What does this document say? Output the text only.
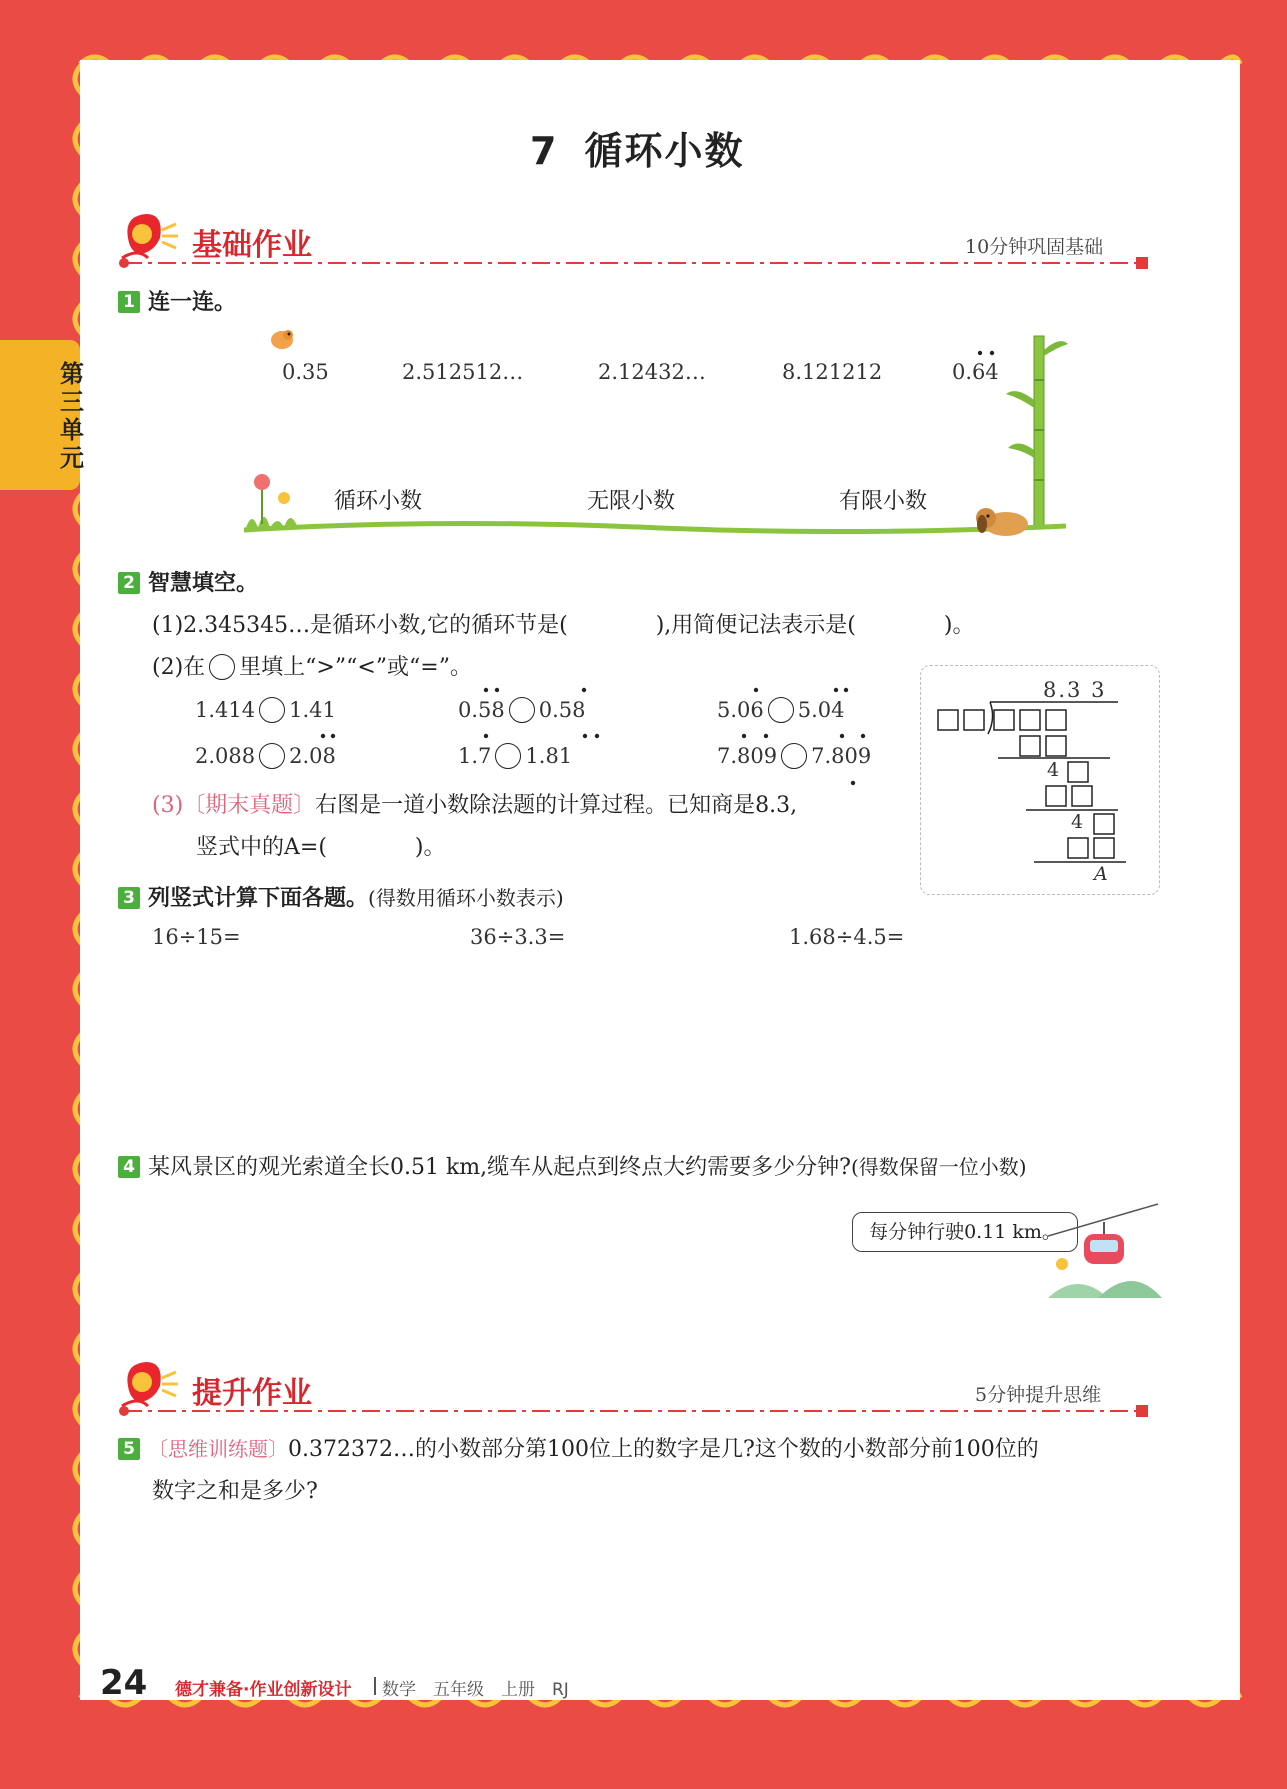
第三单元
7 循环小数
基础作业	10分钟巩固基础
1 连一连。
0.35	2.512512…	2.12432…	8.121212	0.64
循环小数	无限小数	有限小数
2 智慧填空。
(1)2.345345…是循环小数,它的循环节是(　　　　),用简便记法表示是(　　　　)。
(2)在 里填上“>”“<”或“=”。
1.414 1.41	0.58 0.58	5.06 5.04
2.088 2.08	1.7 1.81	7.809 7.809
(3)〔期末真题〕右图是一道小数除法题的计算过程。已知商是8.3,
竖式中的A=(　　　　)。
8.3 3
4
4
A
3 列竖式计算下面各题。(得数用循环小数表示)
16÷15=	36÷3.3=	1.68÷4.5=
4 某风景区的观光索道全长0.51 km,缆车从起点到终点大约需要多少分钟?(得数保留一位小数)
每分钟行驶0.11 km。
提升作业	5分钟提升思维
5 〔思维训练题〕0.372372…的小数部分第100位上的数字是几?这个数的小数部分前100位的
数字之和是多少?
24 德才兼备·作业创新设计 数学　五年级　上册　RJ
